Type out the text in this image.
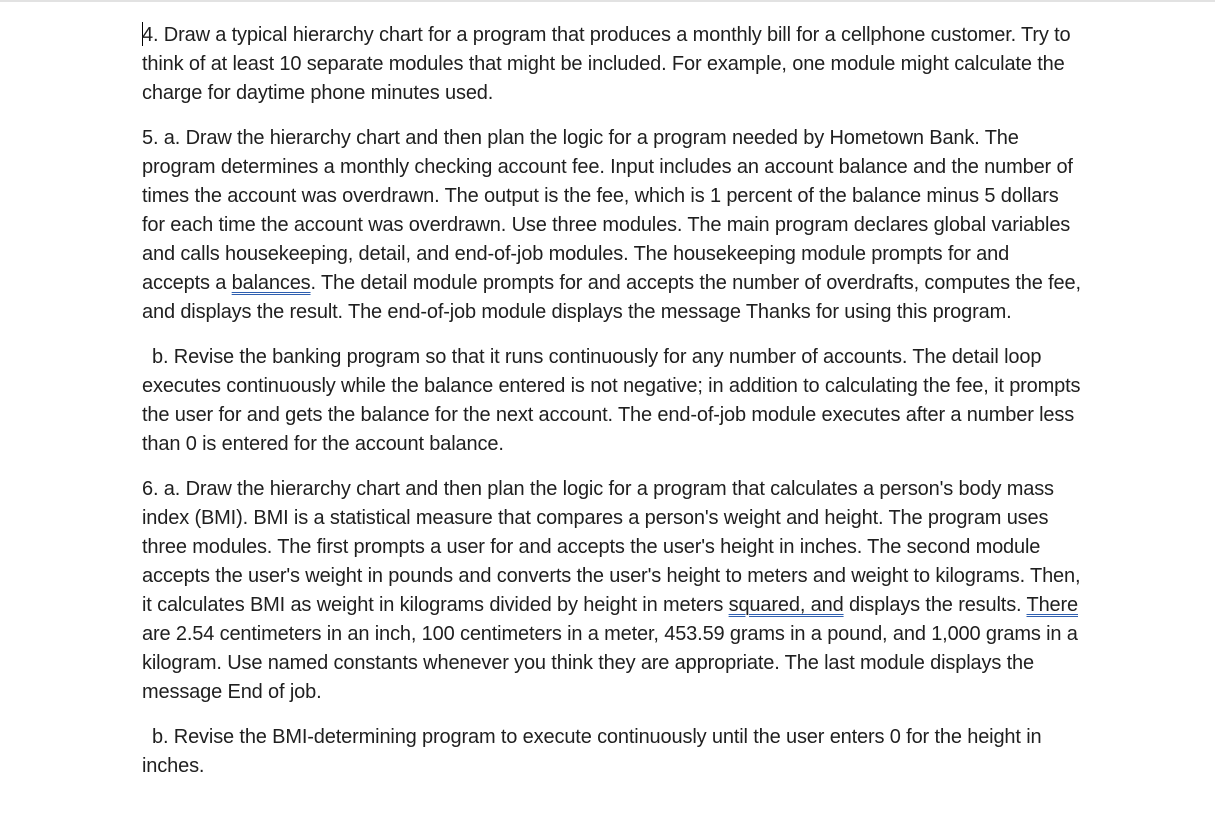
4. Draw a typical hierarchy chart for a program that produces a monthly bill for a cellphone customer. Try to think of at least 10 separate modules that might be included. For example, one module might calculate the charge for daytime phone minutes used.

5. a. Draw the hierarchy chart and then plan the logic for a program needed by Hometown Bank. The program determines a monthly checking account fee. Input includes an account balance and the number of times the account was overdrawn. The output is the fee, which is 1 percent of the balance minus 5 dollars for each time the account was overdrawn. Use three modules. The main program declares global variables and calls housekeeping, detail, and end-of-job modules. The housekeeping module prompts for and accepts a balances. The detail module prompts for and accepts the number of overdrafts, computes the fee, and displays the result. The end-of-job module displays the message Thanks for using this program.

b. Revise the banking program so that it runs continuously for any number of accounts. The detail loop executes continuously while the balance entered is not negative; in addition to calculating the fee, it prompts the user for and gets the balance for the next account. The end-of-job module executes after a number less than 0 is entered for the account balance.

6. a. Draw the hierarchy chart and then plan the logic for a program that calculates a person's body mass index (BMI). BMI is a statistical measure that compares a person's weight and height. The program uses three modules. The first prompts a user for and accepts the user's height in inches. The second module accepts the user's weight in pounds and converts the user's height to meters and weight to kilograms. Then, it calculates BMI as weight in kilograms divided by height in meters squared, and displays the results. There are 2.54 centimeters in an inch, 100 centimeters in a meter, 453.59 grams in a pound, and 1,000 grams in a kilogram. Use named constants whenever you think they are appropriate. The last module displays the message End of job.

b. Revise the BMI-determining program to execute continuously until the user enters 0 for the height in inches.
